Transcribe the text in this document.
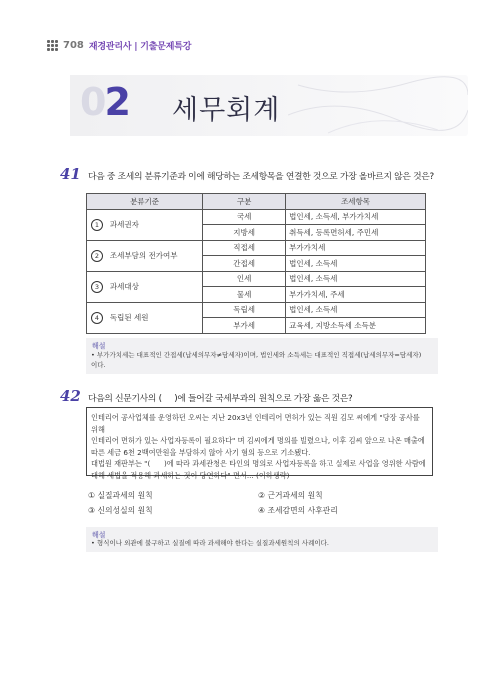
708 재경관리사 | 기출문제특강
02 세무회계
41 다음 중 조세의 분류기준과 이에 해당하는 조세항목을 연결한 것으로 가장 올바르지 않은 것은?
분류기준		구분	조세항목
1	과세권자	국세	법인세, 소득세, 부가가치세
		지방세	취득세, 등록면허세, 주민세
2	조세부담의 전가여부	직접세	부가가치세
		간접세	법인세, 소득세
3	과세대상	인세	법인세, 소득세
		물세	부가가치세, 주세
4	독립된 세원	독립세	법인세, 소득세
		부가세	교육세, 지방소득세 소득분
해설
• 부가가치세는 대표적인 간접세(납세의무자≠담세자)이며, 법인세와 소득세는 대표적인 직접세(납세의무자=담세자)
이다.
42 다음의 신문기사의 (     )에 들어갈 국세부과의 원칙으로 가장 옳은 것은?
인테리어 공사업체를 운영하던 오씨는 지난 20x3년 인테리어 면허가 있는 직원 김모 씨에게 "당장 공사를 위해
인테리어 면허가 있는 사업자등록이 필요하다" 며 김씨에게 명의를 빌렸으나, 이후 김씨 앞으로 나온 매출에
따른 세금 6천 2백여만원을 부담하지 않아 사기 혐의 등으로 기소됐다.
대법원 재판부는 "(      )에 따라 과세관청은 타인의 명의로 사업자등록을 하고 실제로 사업을 영위한 사람에
대해 세법을 적용해 과세하는 것이 당연하다" 면서... (이하생략)
① 실질과세의 원칙	② 근거과세의 원칙
③ 신의성실의 원칙	④ 조세감면의 사후관리
해설
• 형식이나 외관에 불구하고 실질에 따라 과세해야 한다는 실질과세원칙의 사례이다.
